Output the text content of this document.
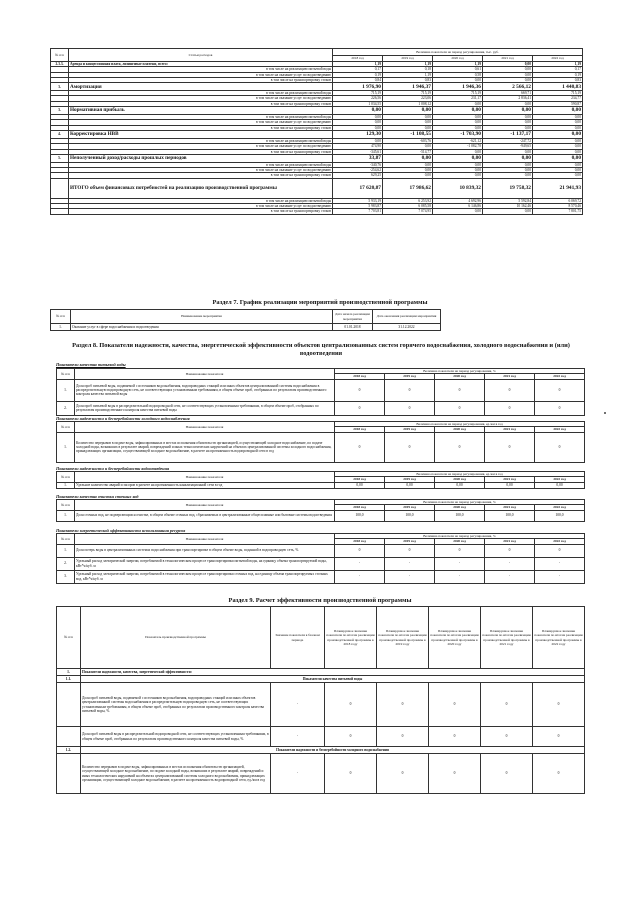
№ п/п	Статьи расходов	Величина показателя на период регулирования, тыс. руб.				
		2018 год	2019 год	2020 год	2021 год	2022 год
2.3.3.	Аренда и концессионная плата, лизинговые платежи, всего:	1,19	1,19	1,19	0,00	1,19
	в том числе на реализацию питьевой воды	0,17	0,18	0,61	0,00	0,17
	в том числе на оказание услуг по водоотведению	0,19	1,19	0,58	0,00	0,19
	в том числе на транспортировку стоков	0,84	0,83	0,00	0,00	0,83
3.	Амортизация	1 976,90	1 946,37	1 946,36	2 566,12	1 440,83
	в том числе на реализацию питьевой воды	715,19	715,19	715,19	669,71	715,19
	в том числе на оказание услуг по водоотведению	226,56	223,06	231,17	2 836,41	234,77
	в том числе на транспортировку стоков	1 034,55	1 008,12	0,00	0,00	590,87
3.	Нормативная прибыль	0,00	0,00	0,00	0,00	0,00
	в том числе на реализацию питьевой воды	0,00	0,00	0,00	0,00	0,00
	в том числе на оказание услуг по водоотведению	0,00	0,00	0,00	0,00	0,00
	в том числе на транспортировку стоков	0,00	0,00	0,00	0,00	0,00
4.	Корректировка НВВ	129,30	-1 108,55	-1 703,90	-1 137,17	0,00
	в том числе на реализацию питьевой воды	0,00	-603,76	-621,12	-247,72	0,00
	в том числе на оказание услуг по водоотведению	474,90	0,00	-1 082,78	-949,65	0,00
	в том числе на транспортировку стоков	-345,61	-514,77	0,00	0,00	0,00
5.	Неполученный доход/расходы прошлых периодов	33,87	0,00	0,00	0,00	0,00
	в том числе на реализацию питьевой воды	-340,76	0,00	0,00	0,00	0,00
	в том числе на оказание услуг по водоотведению	-254,62	0,00	0,00	0,00	0,00
	в том числе на транспортировку стоков	629,25	0,00	0,00	0,00	0,00
	ИТОГО объем финансовых потребностей на реализацию производственной программы	17 620,87	17 986,62	10 839,32	19 758,32	21 941,93
	в том числе на реализацию питьевой воды	5 933,19	6 253,92	4 692,96	5 592,84	6 069,72
	в том числе на оказание услуг по водоотведению	5 983,87	6 085,58	6 146,86	10 162,46	8 570,46
	в том числе на транспортировку стоков	7 703,81	7 074,95	0,00	0,00	7 801,75
Раздел 7. График реализации мероприятий производственной программы
№ п/п	Наименование мероприятия	Дата начала реализации мероприятия	Дата окончания реализации мероприятия
1.	Оказание услуг в сфере водоснабжения и водоотведения	01.01.2018	31.12.2022
Раздел 8. Показатели надежности, качества, энергетической эффективности объектов централизованных систем горячего водоснабжения, холодного водоснабжения и (или) водоотведения
Показатели качества питьевой воды
№ п/п	Наименование показателя	Величина показателя на период регулирования, %				
		2018 год	2019 год	2020 год	2021 год	2022 год
1.	Доля проб питьевой воды, подаваемой с источников водоснабжения, водопроводных станций или иных объектов централизованной системы водоснабжения в распределительную водопроводную сеть, не соответствующих установленным требованиям, в общем объеме проб, отобранных по результатам производственного контроля качества питьевой воды	0	0	0	0	0
2.	Доля проб питьевой воды в распределительной водопроводной сети, не соответствующих установленным требованиям, в общем объеме проб, отобранных по результатам производственного контроля качества питьевой воды	0	0	0	0	0
Показатели надежности и бесперебойности холодного водоснабжения
№ п/п	Наименование показателя	Величина показателя на период регулирования, ед./км в год				
		2018 год	2019 год	2020 год	2021 год	2022 год
1.	Количество перерывов в подаче воды, зафиксированных в местах исполнения обязательств организацией, осуществляющей холодное водоснабжение, по подаче холодной воды, возникших в результате аварий, повреждений и иных технологических нарушений на объектах централизованной системы холодного водоснабжения, принадлежащих организации, осуществляющей холодное водоснабжение, в расчете на протяженность водопроводной сети в год	0	0	0	0	0
Показатели надежности и бесперебойности водоотведения
№ п/п	Наименование показателя	Величина показателя на период регулирования, ед./км в год				
		2018 год	2019 год	2020 год	2021 год	2022 год
1.	Удельное количество аварий и засоров в расчете на протяженность канализационной сети в год	0,00	0,00	0,00	0,00	0,00
Показатели качества очистки сточных вод
№ п/п	Наименование показателя	Величина показателя на период регулирования, %				
		2018 год	2019 год	2020 год	2021 год	2022 год
1.	Доля сточных вод, не подвергающихся очистке, в общем объеме сточных вод, сбрасываемых в централизованные общесплавные или бытовые системы водоотведения	100,0	100,0	100,0	100,0	100,0
Показатели энергетической эффективности использования ресурсов
№ п/п	Наименование показателя	Величина показателя на период регулирования, %				
		2018 год	2019 год	2020 год	2021 год	2022 год
1.	Доля потерь воды в централизованных системах водоснабжения при транспортировке в общем объеме воды, поданной в водопроводную сеть, %	0	0	0	0	0
2.	Удельный расход электрической энергии, потребляемой в технологическом процессе транспортировки питьевой воды, на единицу объема транспортируемой воды, кВт*ч/куб. м	-	-	-	-	-
3.	Удельный расход электрической энергии, потребляемой в технологическом процессе транспортировки сточных вод, на единицу объема транспортируемых сточных вод, кВт*ч/куб. м	-	-	-	-	-
Раздел 9. Расчет эффективности производственной программы
№ п/п	Показатель производственной программы	Значение показателя в базовом периоде	Планируемое значение показателя по итогам реализации производственной программы в 2018 году	Планируемое значение показателя по итогам реализации производственной программы в 2019 году	Планируемое значение показателя по итогам реализации производственной программы в 2020 году	Планируемое значение показателя по итогам реализации производственной программы в 2021 году	Планируемое значение показателя по итогам реализации производственной программы в 2022 году
1.	Показатели надежности, качества, энергетической эффективности:						
1.1.	Показатели качества питьевой воды						
	Доля проб питьевой воды, подаваемой с источников водоснабжения, водопроводных станций или иных объектов централизованной системы водоснабжения в распределительную водопроводную сеть, не соответствующих установленным требованиям, в общем объеме проб, отобранных по результатам производственного контроля качества питьевой воды, %	-	0	0	0	0	0
	Доля проб питьевой воды в распределительной водопроводной сети, не соответствующих установленным требованиям, в общем объеме проб, отобранных по результатам производственного контроля качества питьевой воды, %	-	0	0	0	0	0
1.2.	Показатели надежности и бесперебойности холодного водоснабжения						
	Количество перерывов в подаче воды, зафиксированных в местах исполнения обязательств организацией, осуществляющей холодное водоснабжение, по подаче холодной воды, возникших в результате аварий, повреждений и иных технологических нарушений на объектах централизованной системы холодного водоснабжения, принадлежащих организации, осуществляющей холодное водоснабжение, в расчете на протяженность водопроводной сети, ед./км в год	-	0	0	0	0	0
